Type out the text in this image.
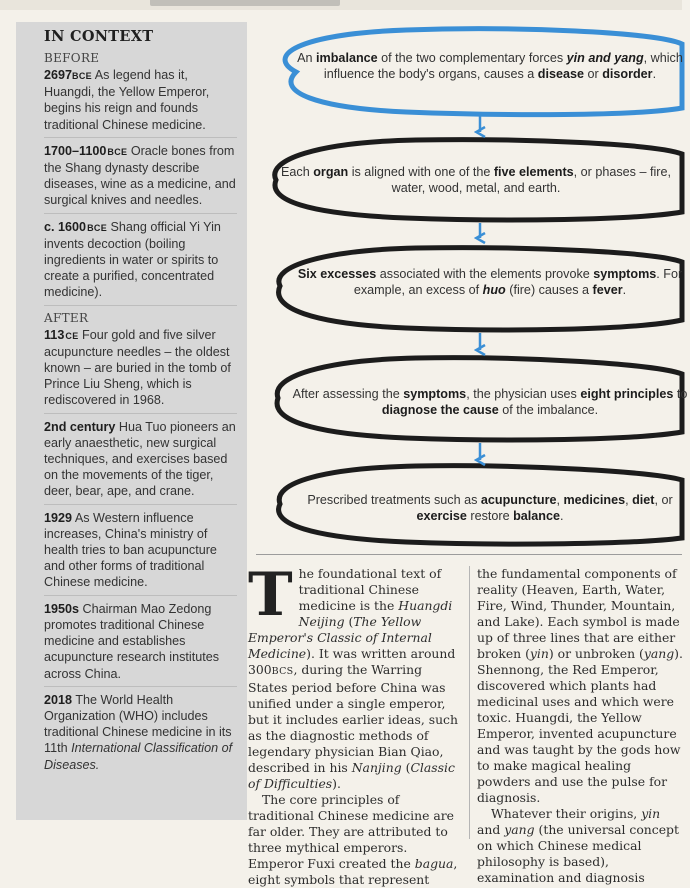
IN CONTEXT
BEFORE
2697BCE As legend has it, Huangdi, the Yellow Emperor, begins his reign and founds traditional Chinese medicine.
1700–1100 BCE Oracle bones from the Shang dynasty describe diseases, wine as a medicine, and surgical knives and needles.
c. 1600 BCE Shang official Yi Yin invents decoction (boiling ingredients in water or spirits to create a purified, concentrated medicine).
AFTER
113 CE Four gold and five silver acupuncture needles – the oldest known – are buried in the tomb of Prince Liu Sheng, which is rediscovered in 1968.
2nd century Hua Tuo pioneers an early anaesthetic, new surgical techniques, and exercises based on the movements of the tiger, deer, bear, ape, and crane.
1929 As Western influence increases, China's ministry of health tries to ban acupuncture and other forms of traditional Chinese medicine.
1950s Chairman Mao Zedong promotes traditional Chinese medicine and establishes acupuncture research institutes across China.
2018 The World Health Organization (WHO) includes traditional Chinese medicine in its 11th International Classification of Diseases.
An imbalance of the two complementary forces yin and yang, which influence the body's organs, causes a disease or disorder.
Each organ is aligned with one of the five elements, or phases – fire, water, wood, metal, and earth.
Six excesses associated with the elements provoke symptoms. For example, an excess of huo (fire) causes a fever.
After assessing the symptoms, the physician uses eight principles to diagnose the cause of the imbalance.
Prescribed treatments such as acupuncture, medicines, diet, or exercise restore balance.

The foundational text of traditional Chinese medicine is the Huangdi Neijing (The Yellow Emperor's Classic of Internal Medicine). It was written around 300BCS, during the Warring States period before China was unified under a single emperor, but it includes earlier ideas, such as the diagnostic methods of legendary physician Bian Qiao, described in his Nanjing (Classic of Difficulties).

The core principles of traditional Chinese medicine are far older. They are attributed to three mythical emperors. Emperor Fuxi created the bagua, eight symbols that represent

the fundamental components of reality (Heaven, Earth, Water, Fire, Wind, Thunder, Mountain, and Lake). Each symbol is made up of three lines that are either broken (yin) or unbroken (yang). Shennong, the Red Emperor, discovered which plants had medicinal uses and which were toxic. Huangdi, the Yellow Emperor, invented acupuncture and was taught by the gods how to make magical healing powders and use the pulse for diagnosis.

Whatever their origins, yin and yang (the universal concept on which Chinese medical philosophy is based), examination and diagnosis
